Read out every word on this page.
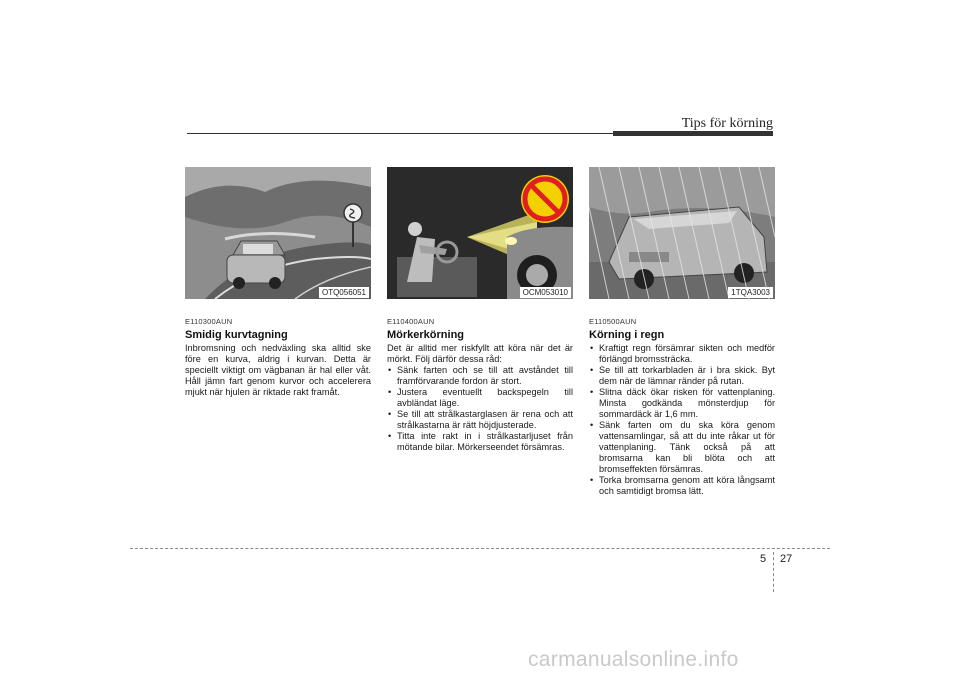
Tips för körning
OTQ056051
E110300AUN
Smidig kurvtagning

Inbromsning och nedväxling ska alltid ske före en kurva, aldrig i kurvan. Detta är speciellt viktigt om vägbanan är hal eller våt. Håll jämn fart genom kurvor och accelerera mjukt när hjulen är riktade rakt framåt.

OCM053010
E110400AUN
Mörkerkörning

Det är alltid mer riskfyllt att köra när det är mörkt. Följ därför dessa råd:

• Sänk farten och se till att avståndet till framförvarande fordon är stort.
• Justera eventuellt backspegeln till avbländat läge.
• Se till att strålkastarglasen är rena och att strålkastarna är rätt höjdjusterade.
• Titta inte rakt in i strålkastarljuset från mötande bilar. Mörkerseendet försämras.
1TQA3003
E110500AUN
Körning i regn
• Kraftigt regn försämrar sikten och medför förlängd bromssträcka.
• Se till att torkarbladen är i bra skick. Byt dem när de lämnar ränder på rutan.
• Slitna däck ökar risken för vattenplaning. Minsta godkända mönsterdjup för sommardäck är 1,6 mm.
• Sänk farten om du ska köra genom vattensamlingar, så att du inte råkar ut för vattenplaning. Tänk också på att bromsarna kan bli blöta och att bromseffekten försämras.
• Torka bromsarna genom att köra långsamt och samtidigt bromsa lätt.
5 27
carmanualsonline.info
